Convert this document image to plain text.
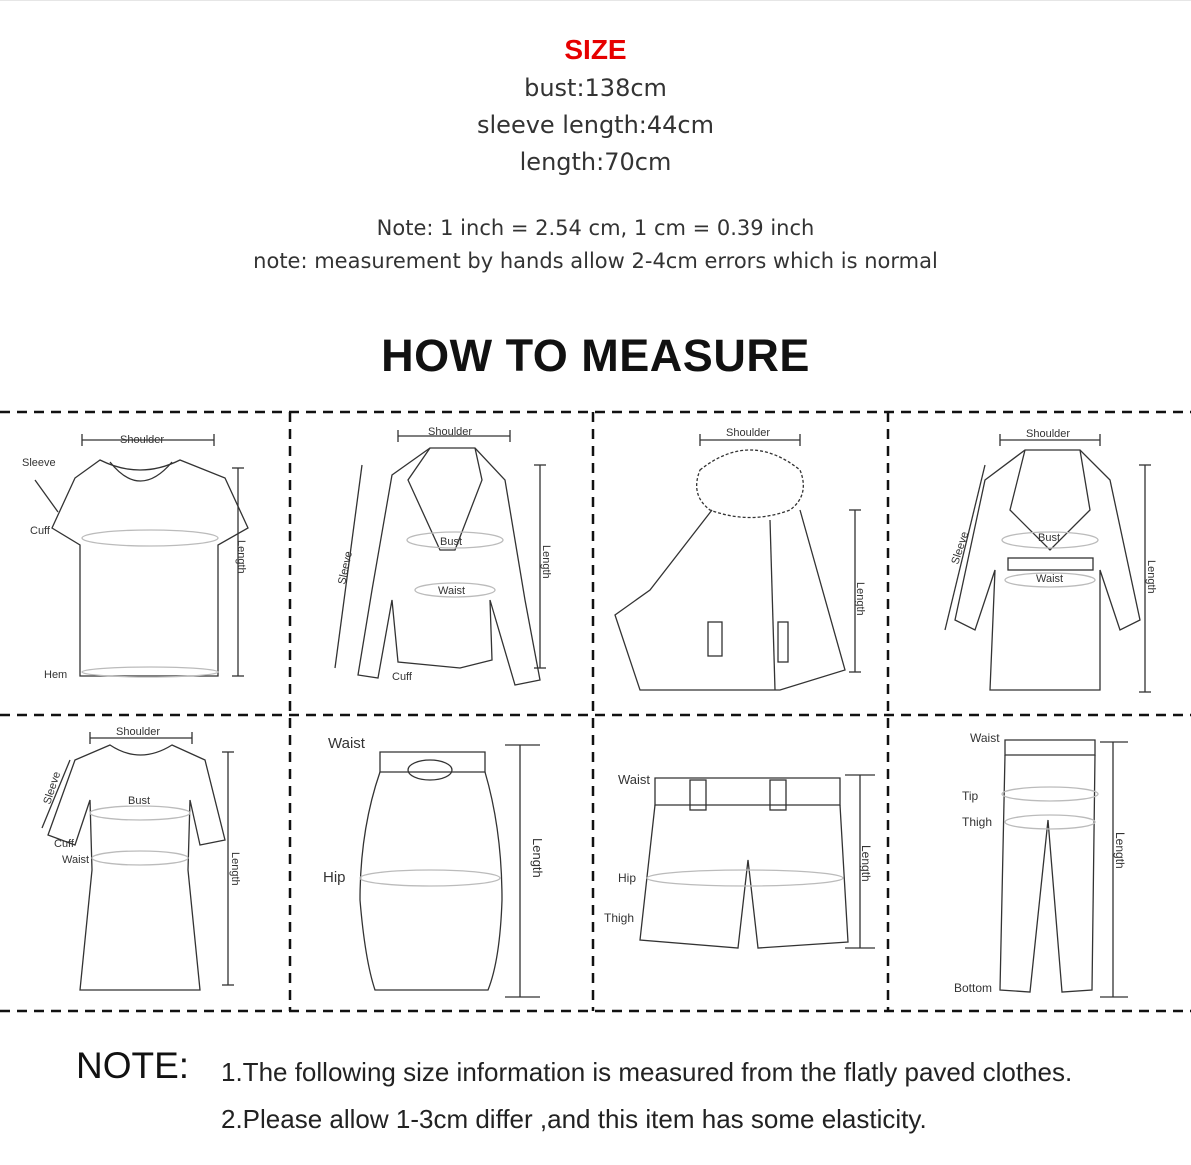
SIZE
bust:138cm
sleeve length:44cm
length:70cm
Note: 1 inch = 2.54 cm, 1 cm = 0.39 inch
note: measurement by hands allow 2-4cm errors which is normal
HOW TO MEASURE
Shoulder
Sleeve
Cuff
Hem
Length
Shoulder
Bust
Waist
Cuff
Sleeve	Length
Shoulder
Length
Shoulder
Bust
Waist
Sleeve
Length
Shoulder
Bust
Cuff
Waist
Sleeve
Length
Waist
Hip	Length
Waist
Hip
Thigh
Length
Waist
Tip
Thigh
Bottom
Length
NOTE: 1.The following size information is measured from the flatly paved clothes.
2.Please allow 1-3cm differ ,and this item has some elasticity.
